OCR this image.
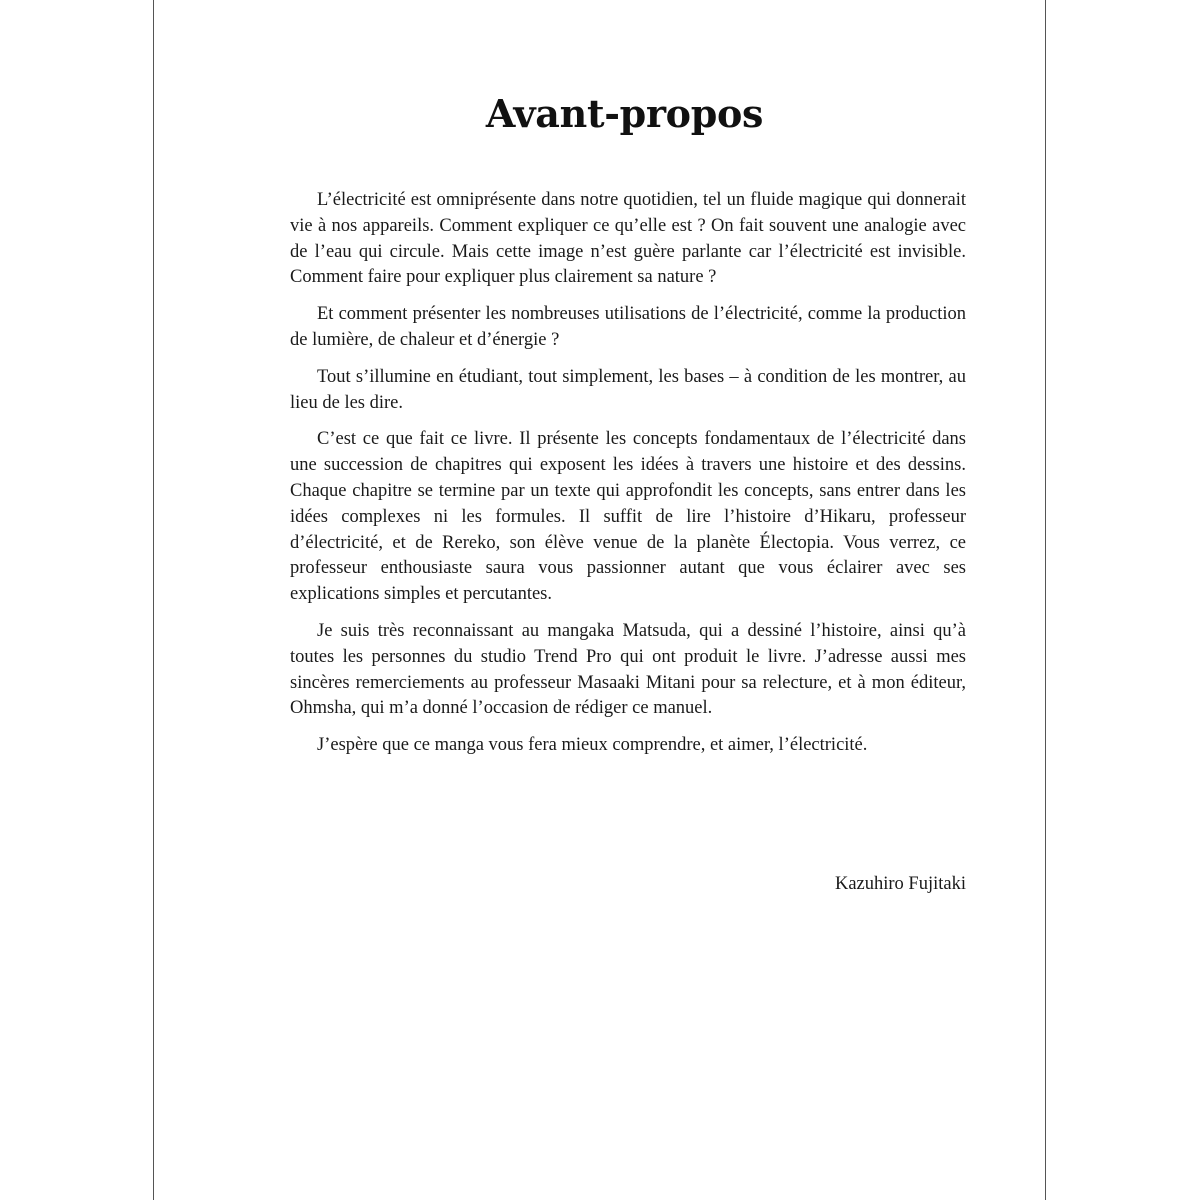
Avant-propos

L’électricité est omniprésente dans notre quotidien, tel un fluide magique qui donnerait vie à nos appareils. Comment expliquer ce qu’elle est ? On fait souvent une analogie avec de l’eau qui circule. Mais cette image n’est guère parlante car l’électricité est invisible. Comment faire pour expliquer plus clairement sa nature ?

Et comment présenter les nombreuses utilisations de l’électricité, comme la production de lumière, de chaleur et d’énergie ?

Tout s’illumine en étudiant, tout simplement, les bases – à condition de les montrer, au lieu de les dire.

C’est ce que fait ce livre. Il présente les concepts fondamentaux de l’électricité dans une succession de chapitres qui exposent les idées à travers une histoire et des dessins. Chaque chapitre se termine par un texte qui approfondit les concepts, sans entrer dans les idées complexes ni les formules. Il suffit de lire l’histoire d’Hikaru, professeur d’électricité, et de Rereko, son élève venue de la planète Électopia. Vous verrez, ce professeur enthousiaste saura vous passionner autant que vous éclairer avec ses explications simples et percutantes.

Je suis très reconnaissant au mangaka Matsuda, qui a dessiné l’histoire, ainsi qu’à toutes les personnes du studio Trend Pro qui ont produit le livre. J’adresse aussi mes sincères remerciements au professeur Masaaki Mitani pour sa relecture, et à mon éditeur, Ohmsha, qui m’a donné l’occasion de rédiger ce manuel.

J’espère que ce manga vous fera mieux comprendre, et aimer, l’électricité.

Kazuhiro Fujitaki
